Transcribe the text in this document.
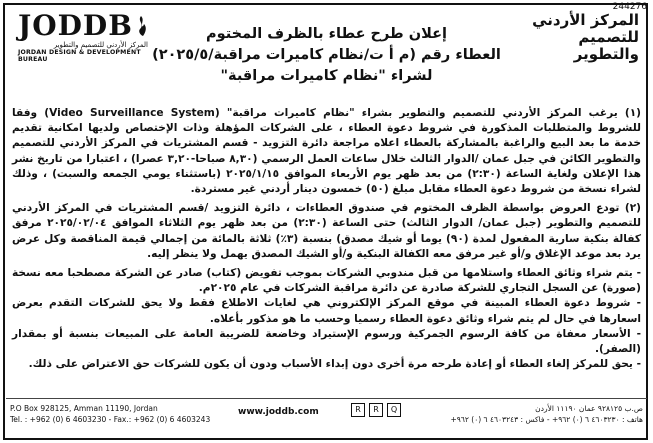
244276
المركز الأردني
للتصميم والتطوير
إعلان طرح عطاء بالظرف المختوم
العطاء رقم (م أ ت/نظام كاميرات مراقبة/٢٠٢٥/٥)
لشراء "نظام كاميرات مراقبة"
JODDB
المركز الأردني للتصميم والتطوير
JORDAN DESIGN & DEVELOPMENT BUREAU

(١) يرغب المركز الأردني للتصميم والتطوير بشراء "نظام كاميرات مراقبة" (Video Surveillance System) وفقا للشروط والمتطلبات المذكورة في شروط دعوة العطاء ، على الشركات المؤهلة وذات الإختصاص ولديها امكانية تقديم خدمة ما بعد البيع والراغبة بالمشاركة بالعطاء اعلاه مراجعة دائرة التزويد - قسم المشتريات في المركز الأردني للتصميم والتطوير الكائن في جبل عمان /الدوار الثالث خلال ساعات العمل الرسمي (٨,٣٠ صباحا-٣,٢٠ عصرا) ، اعتبارا من تاريخ نشر هذا الإعلان ولغاية الساعة (٢:٣٠) من بعد ظهر يوم الأربعاء الموافق ٢٠٢٥/١/١٥ (باستثناء يومي الجمعه والسبت) ، وذلك لشراء نسخة من شروط دعوة العطاء مقابل مبلغ (٥٠) خمسون دينار أردني غير مستردة.

(٢) تودع العروض بواسطة الظرف المختوم في صندوق العطاءات ، دائرة التزويد /قسم المشتريات في المركز الأردني للتصميم والتطوير (جبل عمان/ الدوار الثالث) حتى الساعة (٢:٣٠) من بعد ظهر يوم الثلاثاء الموافق ٢٠٢٥/٠٢/٠٤ مرفق كفالة بنكية سارية المفعول لمدة (٩٠) يوما أو شيك مصدق) بنسبة (٣٪) ثلاثة بالمائة من إجمالي قيمة المناقصة وكل عرض يرد بعد موعد الإغلاق و/أو غير مرفق معه الكفالة البنكية و/أو الشيك المصدق يهمل ولا ينظر إليه.

- يتم شراء وثائق العطاء واستلامها من قبل مندوبي الشركات بموجب تفويض (كتاب) صادر عن الشركة مصطحبا معه نسخة (صورة) عن السجل التجاري للشركة صادرة عن دائرة مراقبة الشركات في عام ٢٠٢٥م.

- شروط دعوة العطاء المبينة في موقع المركز الإلكتروني هي لغايات الاطلاع فقط ولا يحق للشركات التقدم بعرض اسعارها في حال لم يتم شراء وثائق دعوة العطاء رسميا وحسب ما هو مذكور بأعلاه.

- الأسعار معفاة من كافة الرسوم الجمركية ورسوم الإستيراد وخاضعة للضريبة العامة على المبيعات بنسبة أو بمقدار (الصفر).

- يحق للمركز إلغاء العطاء أو إعادة طرحه مرة أخرى دون إبداء الأسباب ودون أن يكون للشركات حق الاعتراض على ذلك.

P.O Box 928125, Amman 11190, Jordan
Tel. : +962 (0) 6 4603230 - Fax.: +962 (0) 6 4603243
www.joddb.com	R	R	Q	ص.ب ٩٢٨١٢٥ عمان ١١١٩٠ الأردن
هاتف : ٤٦٠٣٢٣٠ ٦ (٠) ٩٦٢+ - فاكس : ٤٦٠٣٢٤٣ ٦ (٠) ٩٦٢+
